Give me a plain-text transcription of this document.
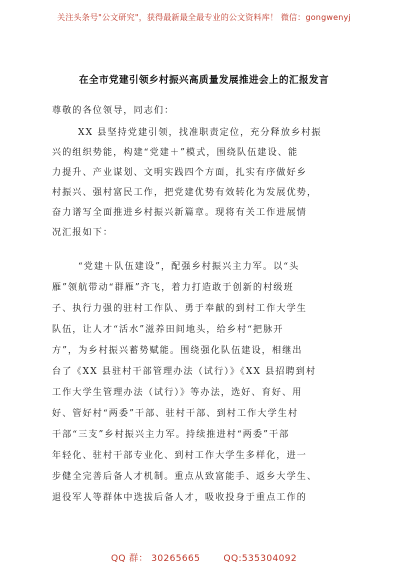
关注头条号"公文研究"，获得最新最全最专业的公文资料库！ 微信：gongwenyj
在全市党建引领乡村振兴高质量发展推进会上的汇报发言
尊敬的各位领导，同志们：
XX 县坚持党建引领，找准职责定位，充分释放乡村振
兴的组织势能，构建“党建＋”模式，围绕队伍建设、能
力提升、产业谋划、文明实践四个方面，扎实有序做好乡
村振兴、强村富民工作，把党建优势有效转化为发展优势，
奋力谱写全面推进乡村振兴新篇章。现将有关工作进展情
况汇报如下：
“党建＋队伍建设”，配强乡村振兴主力军。以“头
雁”领航带动“群雁”齐飞，着力打造敢于创新的村级班
子、执行力强的驻村工作队、勇于奉献的到村工作大学生
队伍，让人才“活水”滋养田间地头，给乡村“把脉开
方”，为乡村振兴蓄势赋能。围绕强化队伍建设，相继出
台了《XX 县驻村干部管理办法（试行）》《XX 县招聘到村
工作大学生管理办法（试行）》等办法，选好、育好、用
好、管好村“两委”干部、驻村干部、到村工作大学生村
干部“三支”乡村振兴主力军。持续推进村“两委”干部
年轻化、驻村干部专业化、到村工作大学生多样化，进一
步健全完善后备人才机制。重点从致富能手、返乡大学生、
退役军人等群体中选拔后备人才，吸收投身于重点工作的
QQ 群： 30265665	QQ:535304092
